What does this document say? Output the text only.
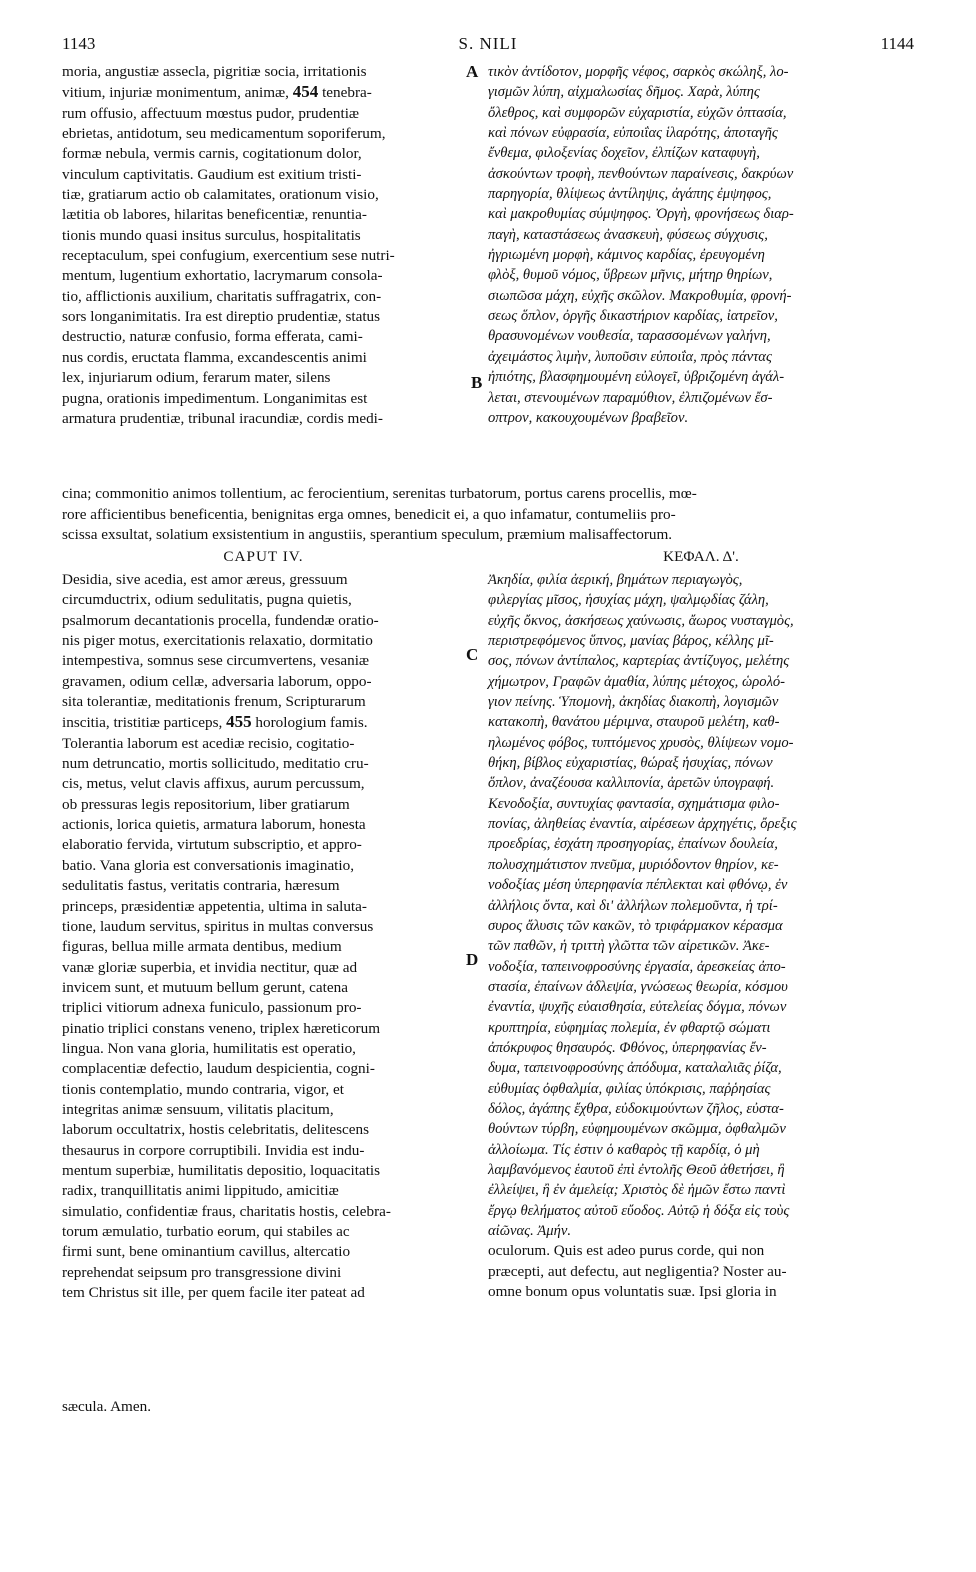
1143	S. NILI	1144

moria, angustiæ assecla, pigritiæ socia, irritationis

vitium, injuriæ monimentum, animæ, 454 tenebra-

rum offusio, affectuum mœstus pudor, prudentiæ

ebrietas, antidotum, seu medicamentum soporiferum,

formæ nebula, vermis carnis, cogitationum dolor,

vinculum captivitatis. Gaudium est exitium tristi-

tiæ, gratiarum actio ob calamitates, orationum visio,

lætitia ob labores, hilaritas beneficentiæ, renuntia-

tionis mundo quasi insitus surculus, hospitalitatis

receptaculum, spei confugium, exercentium sese nutri-

mentum, lugentium exhortatio, lacrymarum consola-

tio, afflictionis auxilium, charitatis suffragatrix, con-

sors longanimitatis. Ira est direptio prudentiæ, status

destructio, naturæ confusio, forma efferata, cami-

nus cordis, eructata flamma, excandescentis animi

lex, injuriarum odium, ferarum mater, silens

pugna, orationis impedimentum. Longanimitas est

armatura prudentiæ, tribunal iracundiæ, cordis medi-

A
B

τικὸν ἀντίδοτον, μορφῆς νέφος, σαρκὸς σκώληξ, λο-

γισμῶν λύπη, αἰχμαλωσίας δῆμος. Χαρὰ, λύπης

ὄλεθρος, καὶ συμφορῶν εὐχαριστία, εὐχῶν ὀπτασία,

καὶ πόνων εὐφρασία, εὐποιΐας ἱλαρότης, ἀποταγῆς

ἔνθεμα, φιλοξενίας δοχεῖον, ἐλπίζων καταφυγὴ,

ἀσκούντων τροφὴ, πενθούντων παραίνεσις, δακρύων

παρηγορία, θλίψεως ἀντίληψις, ἀγάπης ἐμψηφος,

καὶ μακροθυμίας σύμψηφος. Ὀργὴ, φρονήσεως διαρ-

παγὴ, καταστάσεως ἀνασκευὴ, φύσεως σύγχυσις,

ἠγριωμένη μορφὴ, κάμινος καρδίας, ἐρευγομένη

φλὸξ, θυμοῦ νόμος, ὕβρεων μῆνις, μήτηρ θηρίων,

σιωπῶσα μάχη, εὐχῆς σκῶλον. Μακροθυμία, φρονή-

σεως ὅπλον, ὀργῆς δικαστήριον καρδίας, ἰατρεῖον,

θρασυνομένων νουθεσία, ταρασσομένων γαλήνη,

ἀχειμάστος λιμὴν, λυποῦσιν εὐποιΐα, πρὸς πάντας

ἠπιότης, βλασφημουμένη εὐλογεῖ, ὑβριζομένη ἀγάλ-

λεται, στενουμένων παραμύθιον, ἐλπιζομένων ἔσ-

οπτρον, κακουχουμένων βραβεῖον.

cina; commonitio animos tollentium, ac ferocientium, serenitas turbatorum, portus carens procellis, mœ-

rore afficientibus beneficentia, benignitas erga omnes, benedicit ei, a quo infamatur, contumeliis pro-

scissa exsultat, solatium exsistentium in angustiis, sperantium speculum, præmium malisaffectorum.

CAPUT IV.	ΚΕΦΑΛ. Δ'.

Desidia, sive acedia, est amor æreus, gressuum

circumductrix, odium sedulitatis, pugna quietis,

psalmorum decantationis procella, fundendæ oratio-

nis piger motus, exercitationis relaxatio, dormitatio

intempestiva, somnus sese circumvertens, vesaniæ

gravamen, odium cellæ, adversaria laborum, oppo-

sita tolerantiæ, meditationis frenum, Scripturarum

inscitia, tristitiæ particeps, 455 horologium famis.

Tolerantia laborum est acediæ recisio, cogitatio-

num detruncatio, mortis sollicitudo, meditatio cru-

cis, metus, velut clavis affixus, aurum percussum,

ob pressuras legis repositorium, liber gratiarum

actionis, lorica quietis, armatura laborum, honesta

elaboratio fervida, virtutum subscriptio, et appro-

batio. Vana gloria est conversationis imaginatio,

sedulitatis fastus, veritatis contraria, hæresum

princeps, præsidentiæ appetentia, ultima in saluta-

tione, laudum servitus, spiritus in multas conversus

figuras, bellua mille armata dentibus, medium

vanæ gloriæ superbia, et invidia nectitur, quæ ad

invicem sunt, et mutuum bellum gerunt, catena

triplici vitiorum adnexa funiculo, passionum pro-

pinatio triplici constans veneno, triplex hæreticorum

lingua. Non vana gloria, humilitatis est operatio,

complacentiæ defectio, laudum despicientia, cogni-

tionis contemplatio, mundo contraria, vigor, et

integritas animæ sensuum, vilitatis placitum,

laborum occultatrix, hostis celebritatis, delitescens

thesaurus in corpore corruptibili. Invidia est indu-

mentum superbiæ, humilitatis depositio, loquacitatis

radix, tranquillitatis animi lippitudo, amicitiæ

simulatio, confidentiæ fraus, charitatis hostis, celebra-

torum æmulatio, turbatio eorum, qui stabiles ac

firmi sunt, bene ominantium cavillus, altercatio

reprehendat seipsum pro transgressione divini

tem Christus sit ille, per quem facile iter pateat ad

C
D

Ἀκηδία, φιλία ἀερική, βημάτων περιαγωγὸς,

φιλεργίας μῖσος, ἡσυχίας μάχη, ψαλμῳδίας ζάλη,

εὐχῆς ὄκνος, ἀσκήσεως χαύνωσις, ἄωρος νυσταγμὸς,

περιστρεφόμενος ὕπνος, μανίας βάρος, κέλλης μῖ-

σος, πόνων ἀντίπαλος, καρτερίας ἀντίζυγος, μελέτης

χήμωτρον, Γραφῶν ἀμαθία, λύπης μέτοχος, ὡρολό-

γιον πείνης. Ὑπομονὴ, ἀκηδίας διακοπὴ, λογισμῶν

κατακοπὴ, θανάτου μέριμνα, σταυροῦ μελέτη, καθ-

ηλωμένος φόβος, τυπτόμενος χρυσὸς, θλίψεων νομο-

θήκη, βίβλος εὐχαριστίας, θώραξ ἡσυχίας, πόνων

ὅπλον, ἀναζέουσα καλλιπονία, ἀρετῶν ὑπογραφή.

Κενοδοξία, συντυχίας φαντασία, σχημάτισμα φιλο-

πονίας, ἀληθείας ἐναντία, αἱρέσεων ἀρχηγέτις, ὄρεξις

προεδρίας, ἐσχάτη προσηγορίας, ἐπαίνων δουλεία,

πολυσχημάτιστον πνεῦμα, μυριόδοντον θηρίον, κε-

νοδοξίας μέση ὑπερηφανία πέπλεκται καὶ φθόνῳ, ἐν

ἀλλήλοις ὄντα, καὶ δι' ἀλλήλων πολεμοῦντα, ἡ τρί-

συρος ἄλυσις τῶν κακῶν, τὸ τριφάρμακον κέρασμα

τῶν παθῶν, ἡ τριττὴ γλῶττα τῶν αἱρετικῶν. Ἀκε-

νοδοξία, ταπεινοφροσύνης ἐργασία, ἀρεσκείας ἀπο-

στασία, ἐπαίνων ἀδλεψία, γνώσεως θεωρία, κόσμου

ἐναντία, ψυχῆς εὐαισθησία, εὐτελείας δόγμα, πόνων

κρυπτηρία, εὐφημίας πολεμία, ἐν φθαρτῷ σώματι

ἀπόκρυφος θησαυρός. Φθόνος, ὑπερηφανίας ἔν-

δυμα, ταπεινοφροσύνης ἀπόδυμα, καταλαλιᾶς ῥίζα,

εὐθυμίας ὀφθαλμία, φιλίας ὑπόκρισις, παῤῥησίας

δόλος, ἀγάπης ἔχθρα, εὐδοκιμούντων ζῆλος, εὐστα-

θούντων τύρβη, εὐφημουμένων σκῶμμα, ὀφθαλμῶν

ἀλλοίωμα. Τίς ἐστιν ὁ καθαρὸς τῇ καρδίᾳ, ὁ μὴ

λαμβανόμενος ἑαυτοῦ ἐπὶ ἐντολῆς Θεοῦ ἀθετήσει, ἢ

ἐλλείψει, ἢ ἐν ἀμελείᾳ; Χριστὸς δὲ ἡμῶν ἔστω παντὶ

ἔργῳ θελήματος αὐτοῦ εὔοδος. Αὐτῷ ἡ δόξα εἰς τοὺς

αἰῶνας. Ἀμήν.

oculorum. Quis est adeo purus corde, qui non

præcepti, aut defectu, aut negligentia? Noster au-

omne bonum opus voluntatis suæ. Ipsi gloria in

sæcula. Amen.
